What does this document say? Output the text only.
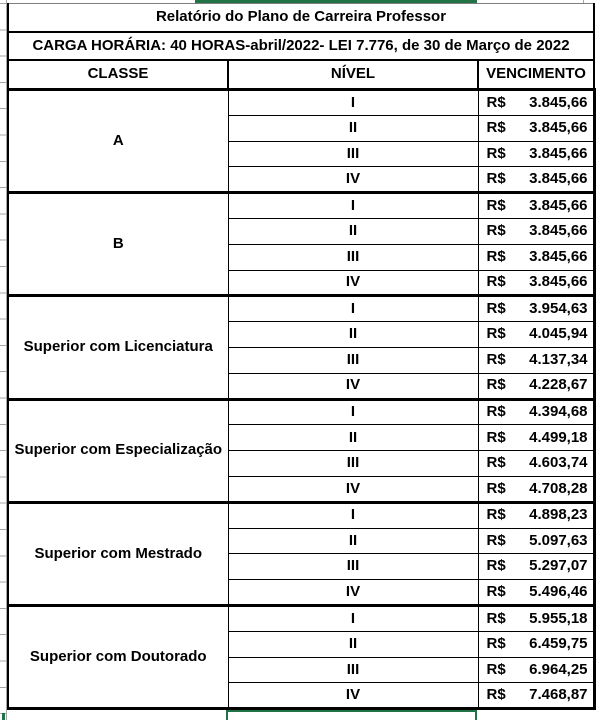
Relatório do Plano de Carreira Professor		
CARGA HORÁRIA: 40 HORAS-abril/2022- LEI 7.776, de 30 de Março de 2022		
CLASSE	NÍVEL	VENCIMENTO
A	I	R$ 3.845,66

	II	R$ 3.845,66

	III	R$ 3.845,66

	IV	R$ 3.845,66

B	I	R$ 3.845,66

	II	R$ 3.845,66

	III	R$ 3.845,66

	IV	R$ 3.845,66

Superior com Licenciatura	I	R$ 3.954,63

	II	R$ 4.045,94

	III	R$ 4.137,34

	IV	R$ 4.228,67

Superior com Especialização	I	R$ 4.394,68

	II	R$ 4.499,18

	III	R$ 4.603,74

	IV	R$ 4.708,28

Superior com Mestrado	I	R$ 4.898,23

	II	R$ 5.097,63

	III	R$ 5.297,07

	IV	R$ 5.496,46

Superior com Doutorado	I	R$ 5.955,18

	II	R$ 6.459,75

	III	R$ 6.964,25

	IV	R$ 7.468,87
